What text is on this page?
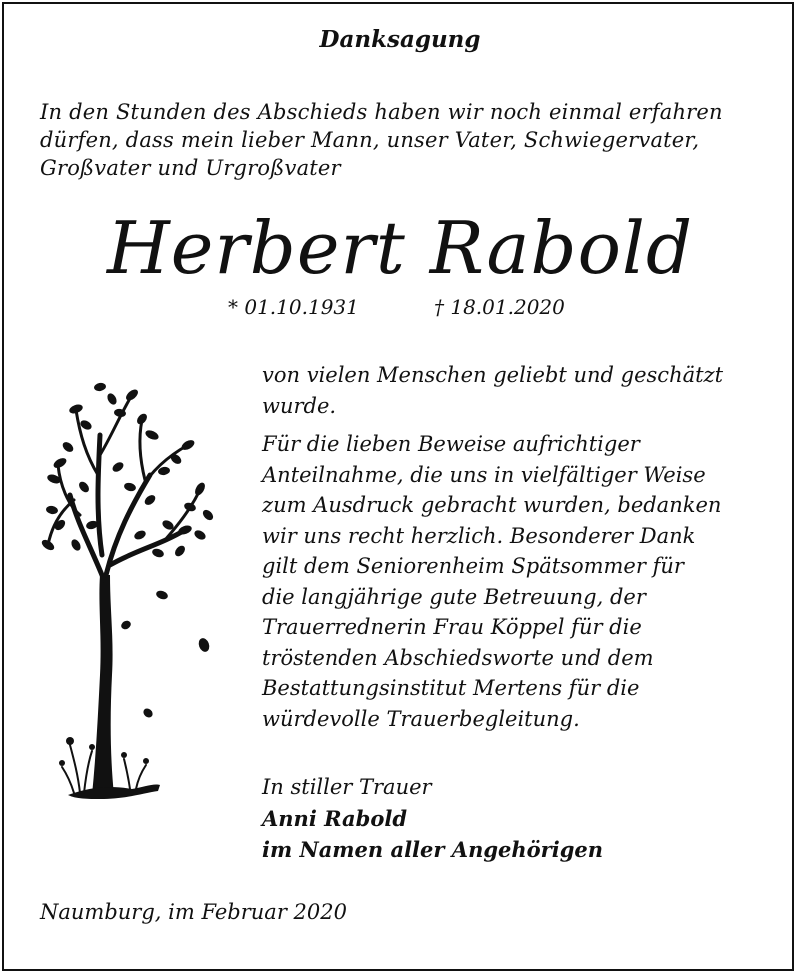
Danksagung
In den Stunden des Abschieds haben wir noch einmal erfahren
dürfen, dass mein lieber Mann, unser Vater, Schwiegervater,
Großvater und Urgroßvater
Herbert Rabold
* 01.10.1931	† 18.01.2020
von vielen Menschen geliebt und geschätzt
wurde.
Für die lieben Beweise aufrichtiger
Anteilnahme, die uns in vielfältiger Weise
zum Ausdruck gebracht wurden, bedanken
wir uns recht herzlich. Besonderer Dank
gilt dem Seniorenheim Spätsommer für
die langjährige gute Betreuung, der
Trauerrednerin Frau Köppel für die
tröstenden Abschiedsworte und dem
Bestattungsinstitut Mertens für die
würdevolle Trauerbegleitung.
In stiller Trauer
Anni Rabold
im Namen aller Angehörigen
Naumburg, im Februar 2020
